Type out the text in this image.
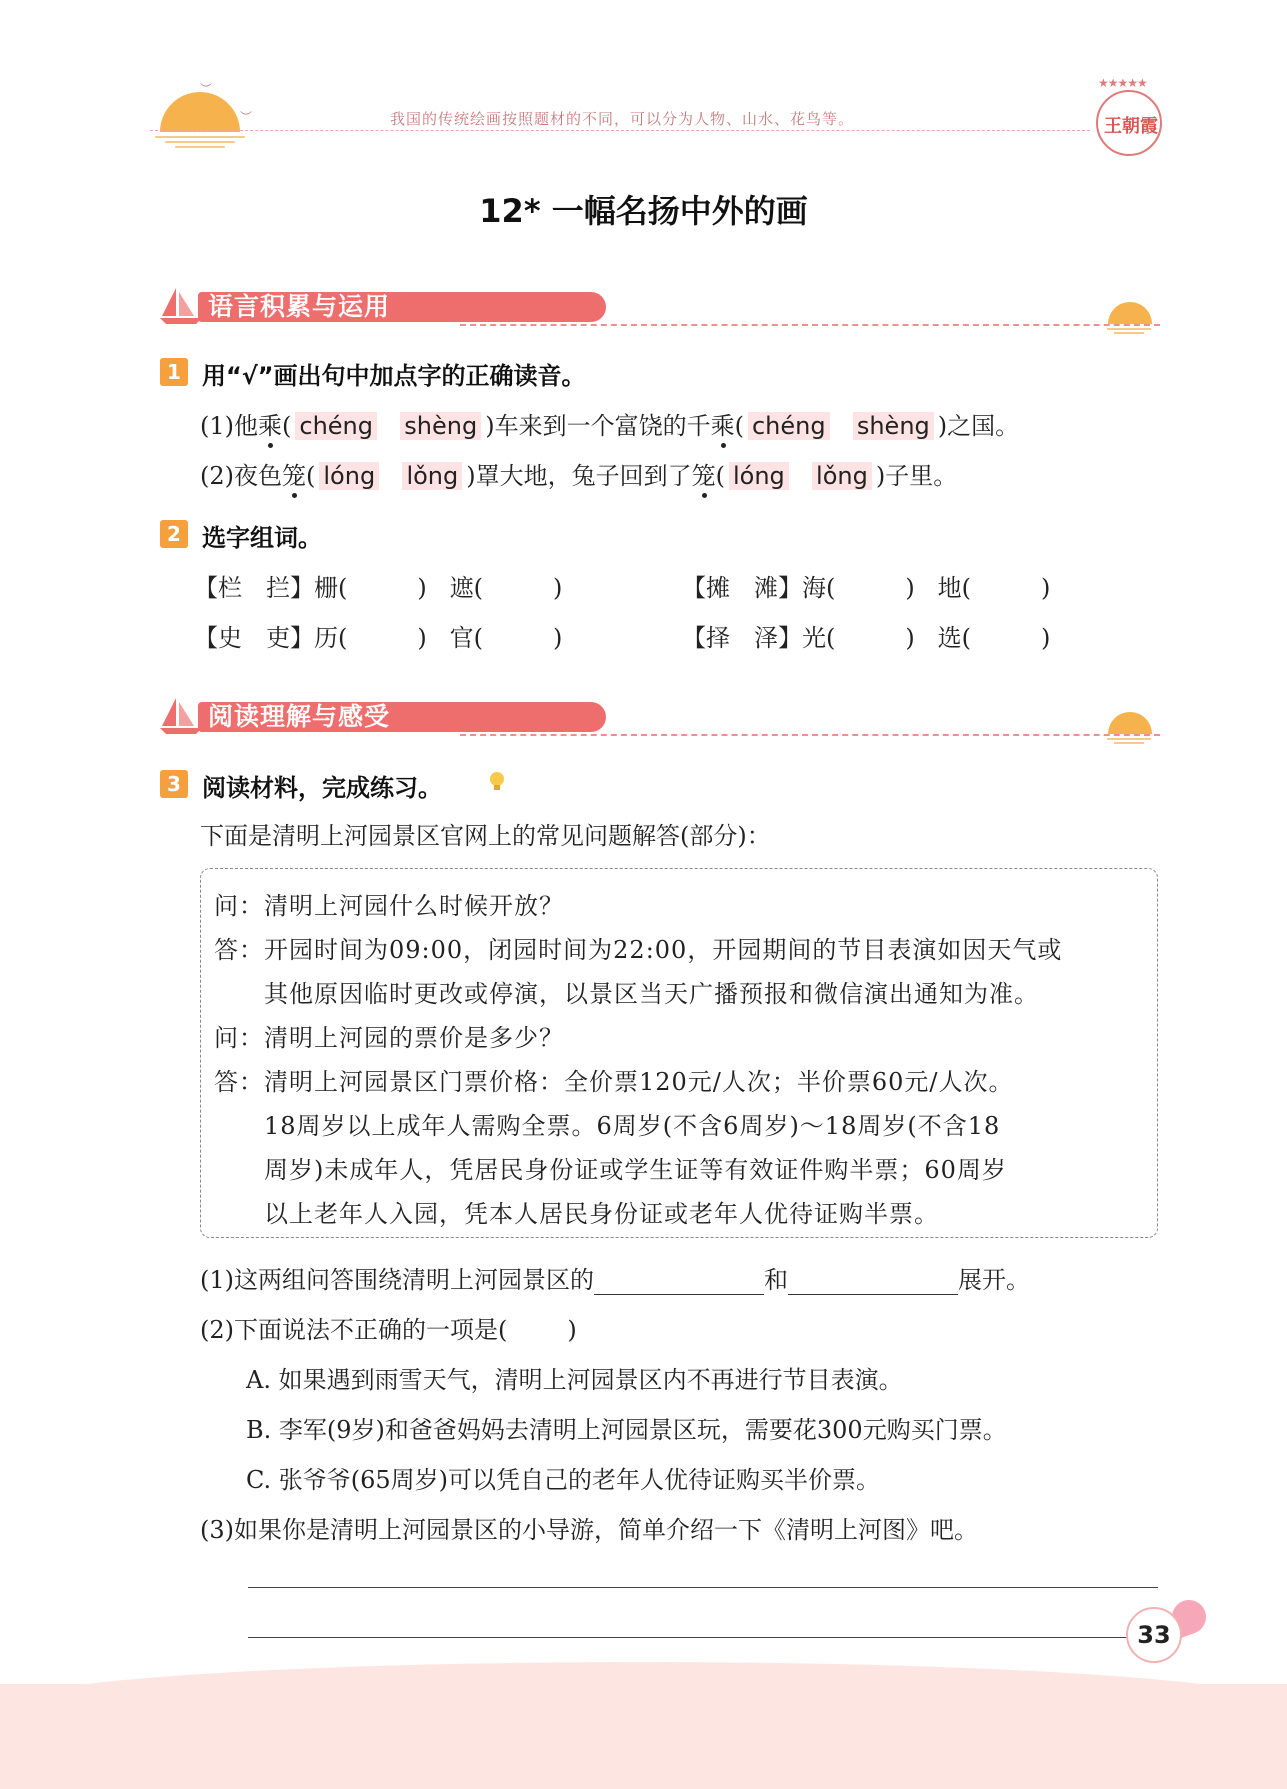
︶
︶	我国的传统绘画按照题材的不同，可以分为人物、山水、花鸟等。
★★★★★
王朝霞
12* 一幅名扬中外的画
语言积累与运用
1 用“√”画出句中加点字的正确读音。
(1)他乘( chéng shèng )车来到一个富饶的千乘( chéng shèng )之国。
(2)夜色笼( lóng lǒng )罩大地，兔子回到了笼( lóng lǒng )子里。
2 选字组词。
【栏　拦】栅(	) 遮(	)	【摊　滩】海(	) 地(	)
【史　吏】历(	) 官(	)	【择　泽】光(	) 选(	)
阅读理解与感受
3 阅读材料，完成练习。
下面是清明上河园景区官网上的常见问题解答(部分)：
问：清明上河园什么时候开放？
答：开园时间为09:00，闭园时间为22:00，开园期间的节目表演如因天气或
　　其他原因临时更改或停演，以景区当天广播预报和微信演出通知为准。
问：清明上河园的票价是多少？
答：清明上河园景区门票价格：全价票120元/人次；半价票60元/人次。
　　18周岁以上成年人需购全票。6周岁(不含6周岁)～18周岁(不含18
　　周岁)未成年人，凭居民身份证或学生证等有效证件购半票；60周岁
　　以上老年人入园，凭本人居民身份证或老年人优待证购半票。
(1)这两组问答围绕清明上河园景区的	和	展开。
(2)下面说法不正确的一项是(	)
A. 如果遇到雨雪天气，清明上河园景区内不再进行节目表演。
B. 李军(9岁)和爸爸妈妈去清明上河园景区玩，需要花300元购买门票。
C. 张爷爷(65周岁)可以凭自己的老年人优待证购买半价票。
(3)如果你是清明上河园景区的小导游，简单介绍一下《清明上河图》吧。
33
